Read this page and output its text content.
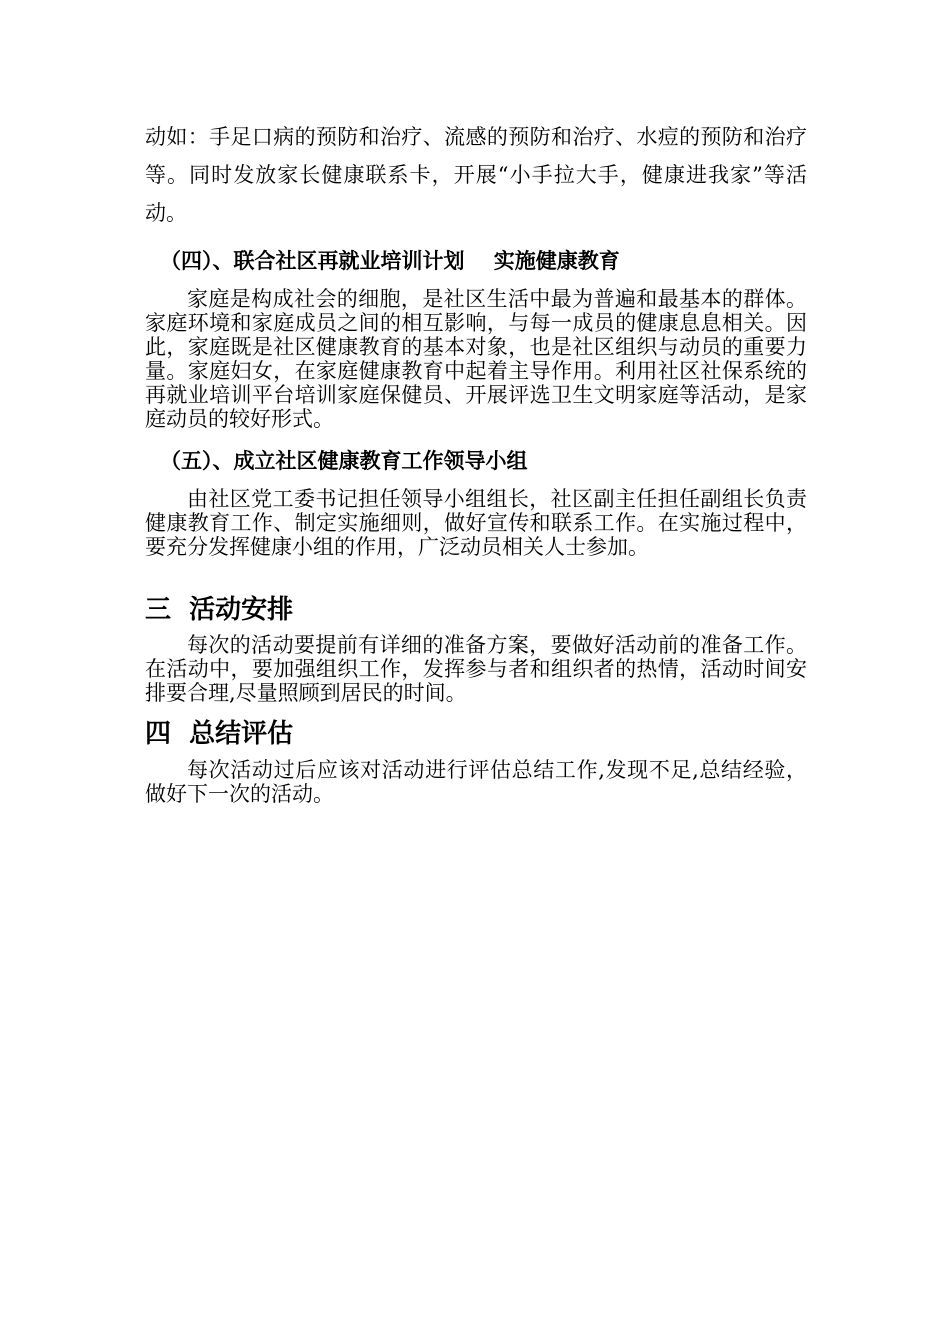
动如：手足口病的预防和治疗、流感的预防和治疗、水痘的预防和治疗等。同时发放家长健康联系卡，开展“小手拉大手，健康进我家”等活动。

（四）、联合社区再就业培训计划    实施健康教育

家庭是构成社会的细胞，是社区生活中最为普遍和最基本的群体。家庭环境和家庭成员之间的相互影响，与每一成员的健康息息相关。因此，家庭既是社区健康教育的基本对象，也是社区组织与动员的重要力量。家庭妇女，在家庭健康教育中起着主导作用。利用社区社保系统的再就业培训平台培训家庭保健员、开展评选卫生文明家庭等活动，是家庭动员的较好形式。

（五）、成立社区健康教育工作领导小组

由社区党工委书记担任领导小组组长，社区副主任担任副组长负责健康教育工作、制定实施细则，做好宣传和联系工作。在实施过程中，要充分发挥健康小组的作用，广泛动员相关人士参加。

三  活动安排

每次的活动要提前有详细的准备方案，要做好活动前的准备工作。在活动中，要加强组织工作，发挥参与者和组织者的热情，活动时间安排要合理,尽量照顾到居民的时间。

四  总结评估

每次活动过后应该对活动进行评估总结工作,发现不足,总结经验，做好下一次的活动。
